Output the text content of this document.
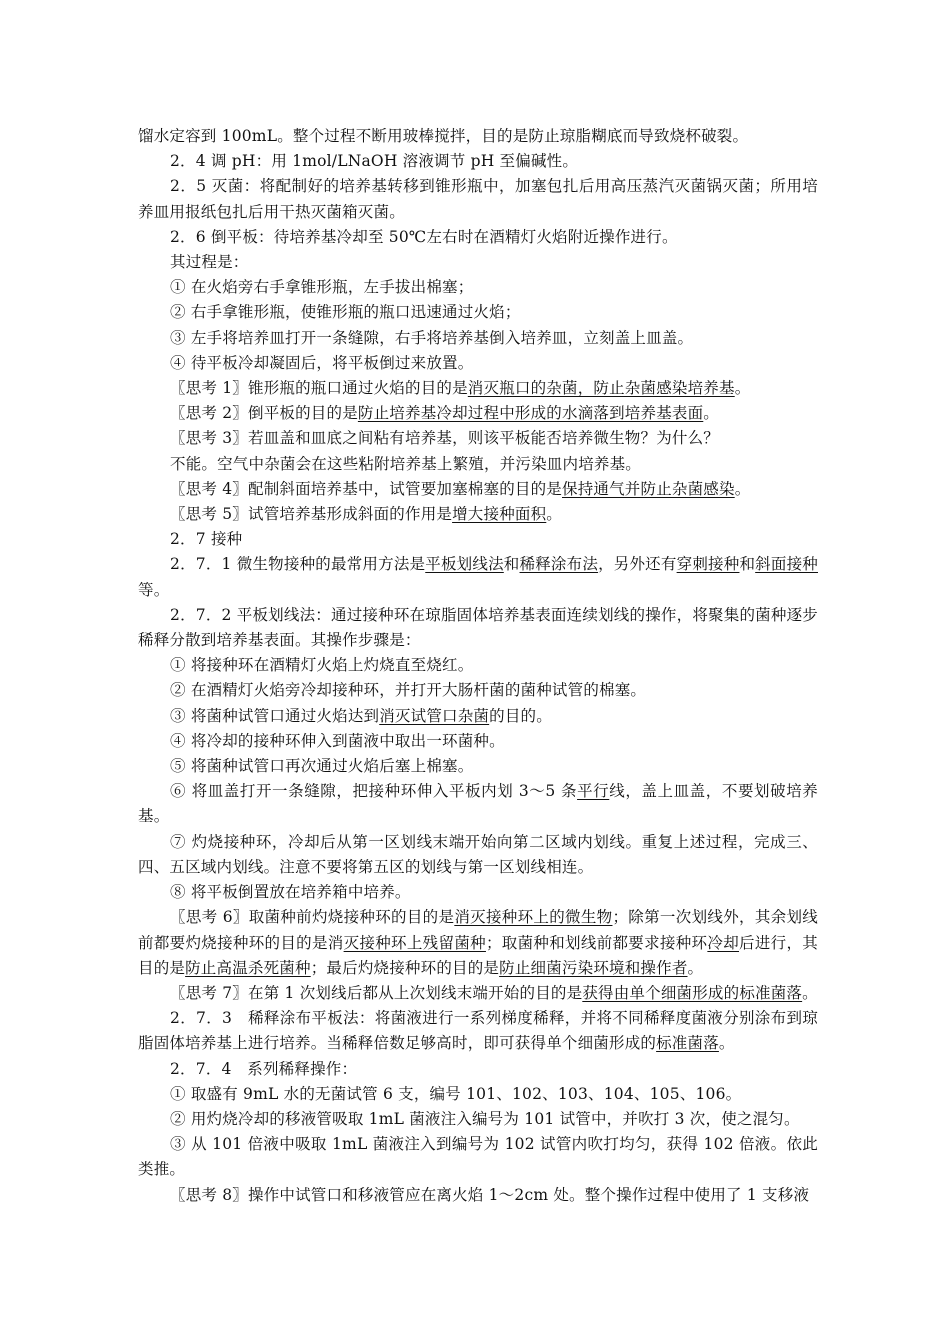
馏水定容到 100mL。整个过程不断用玻棒搅拌，目的是防止琼脂糊底而导致烧杯破裂。

2．4 调 pH：用 1mol/LNaOH 溶液调节 pH 至偏碱性。

2．5 灭菌：将配制好的培养基转移到锥形瓶中，加塞包扎后用高压蒸汽灭菌锅灭菌；所用培养皿用报纸包扎后用干热灭菌箱灭菌。

2．6 倒平板：待培养基冷却至 50℃左右时在酒精灯火焰附近操作进行。

其过程是：

① 在火焰旁右手拿锥形瓶，左手拔出棉塞；

② 右手拿锥形瓶，使锥形瓶的瓶口迅速通过火焰；

③ 左手将培养皿打开一条缝隙，右手将培养基倒入培养皿，立刻盖上皿盖。

④ 待平板冷却凝固后，将平板倒过来放置。

〖思考 1〗锥形瓶的瓶口通过火焰的目的是消灭瓶口的杂菌，防止杂菌感染培养基。

〖思考 2〗倒平板的目的是防止培养基冷却过程中形成的水滴落到培养基表面。

〖思考 3〗若皿盖和皿底之间粘有培养基，则该平板能否培养微生物？为什么？

不能。空气中杂菌会在这些粘附培养基上繁殖，并污染皿内培养基。

〖思考 4〗配制斜面培养基中，试管要加塞棉塞的目的是保持通气并防止杂菌感染。

〖思考 5〗试管培养基形成斜面的作用是增大接种面积。

2．7 接种

2．7．1 微生物接种的最常用方法是平板划线法和稀释涂布法，另外还有穿刺接种和斜面接种等。

2．7．2 平板划线法：通过接种环在琼脂固体培养基表面连续划线的操作，将聚集的菌种逐步稀释分散到培养基表面。其操作步骤是：

① 将接种环在酒精灯火焰上灼烧直至烧红。

② 在酒精灯火焰旁冷却接种环，并打开大肠杆菌的菌种试管的棉塞。

③ 将菌种试管口通过火焰达到消灭试管口杂菌的目的。

④ 将冷却的接种环伸入到菌液中取出一环菌种。

⑤ 将菌种试管口再次通过火焰后塞上棉塞。

⑥ 将皿盖打开一条缝隙，把接种环伸入平板内划 3～5 条平行线，盖上皿盖，不要划破培养基。

⑦ 灼烧接种环，冷却后从第一区划线末端开始向第二区域内划线。重复上述过程，完成三、四、五区域内划线。注意不要将第五区的划线与第一区划线相连。

⑧ 将平板倒置放在培养箱中培养。

〖思考 6〗取菌种前灼烧接种环的目的是消灭接种环上的微生物；除第一次划线外，其余划线前都要灼烧接种环的目的是消灭接种环上残留菌种；取菌种和划线前都要求接种环冷却后进行，其目的是防止高温杀死菌种；最后灼烧接种环的目的是防止细菌污染环境和操作者。

〖思考 7〗在第 1 次划线后都从上次划线末端开始的目的是获得由单个细菌形成的标准菌落。

2．7．3　稀释涂布平板法：将菌液进行一系列梯度稀释，并将不同稀释度菌液分别涂布到琼脂固体培养基上进行培养。当稀释倍数足够高时，即可获得单个细菌形成的标准菌落。

2．7．4　系列稀释操作：

① 取盛有 9mL 水的无菌试管 6 支，编号 101、102、103、104、105、106。

② 用灼烧冷却的移液管吸取 1mL 菌液注入编号为 101 试管中，并吹打 3 次，使之混匀。

③ 从 101 倍液中吸取 1mL 菌液注入到编号为 102 试管内吹打均匀，获得 102 倍液。依此类推。

〖思考 8〗操作中试管口和移液管应在离火焰 1～2cm 处。整个操作过程中使用了 1 支移液
